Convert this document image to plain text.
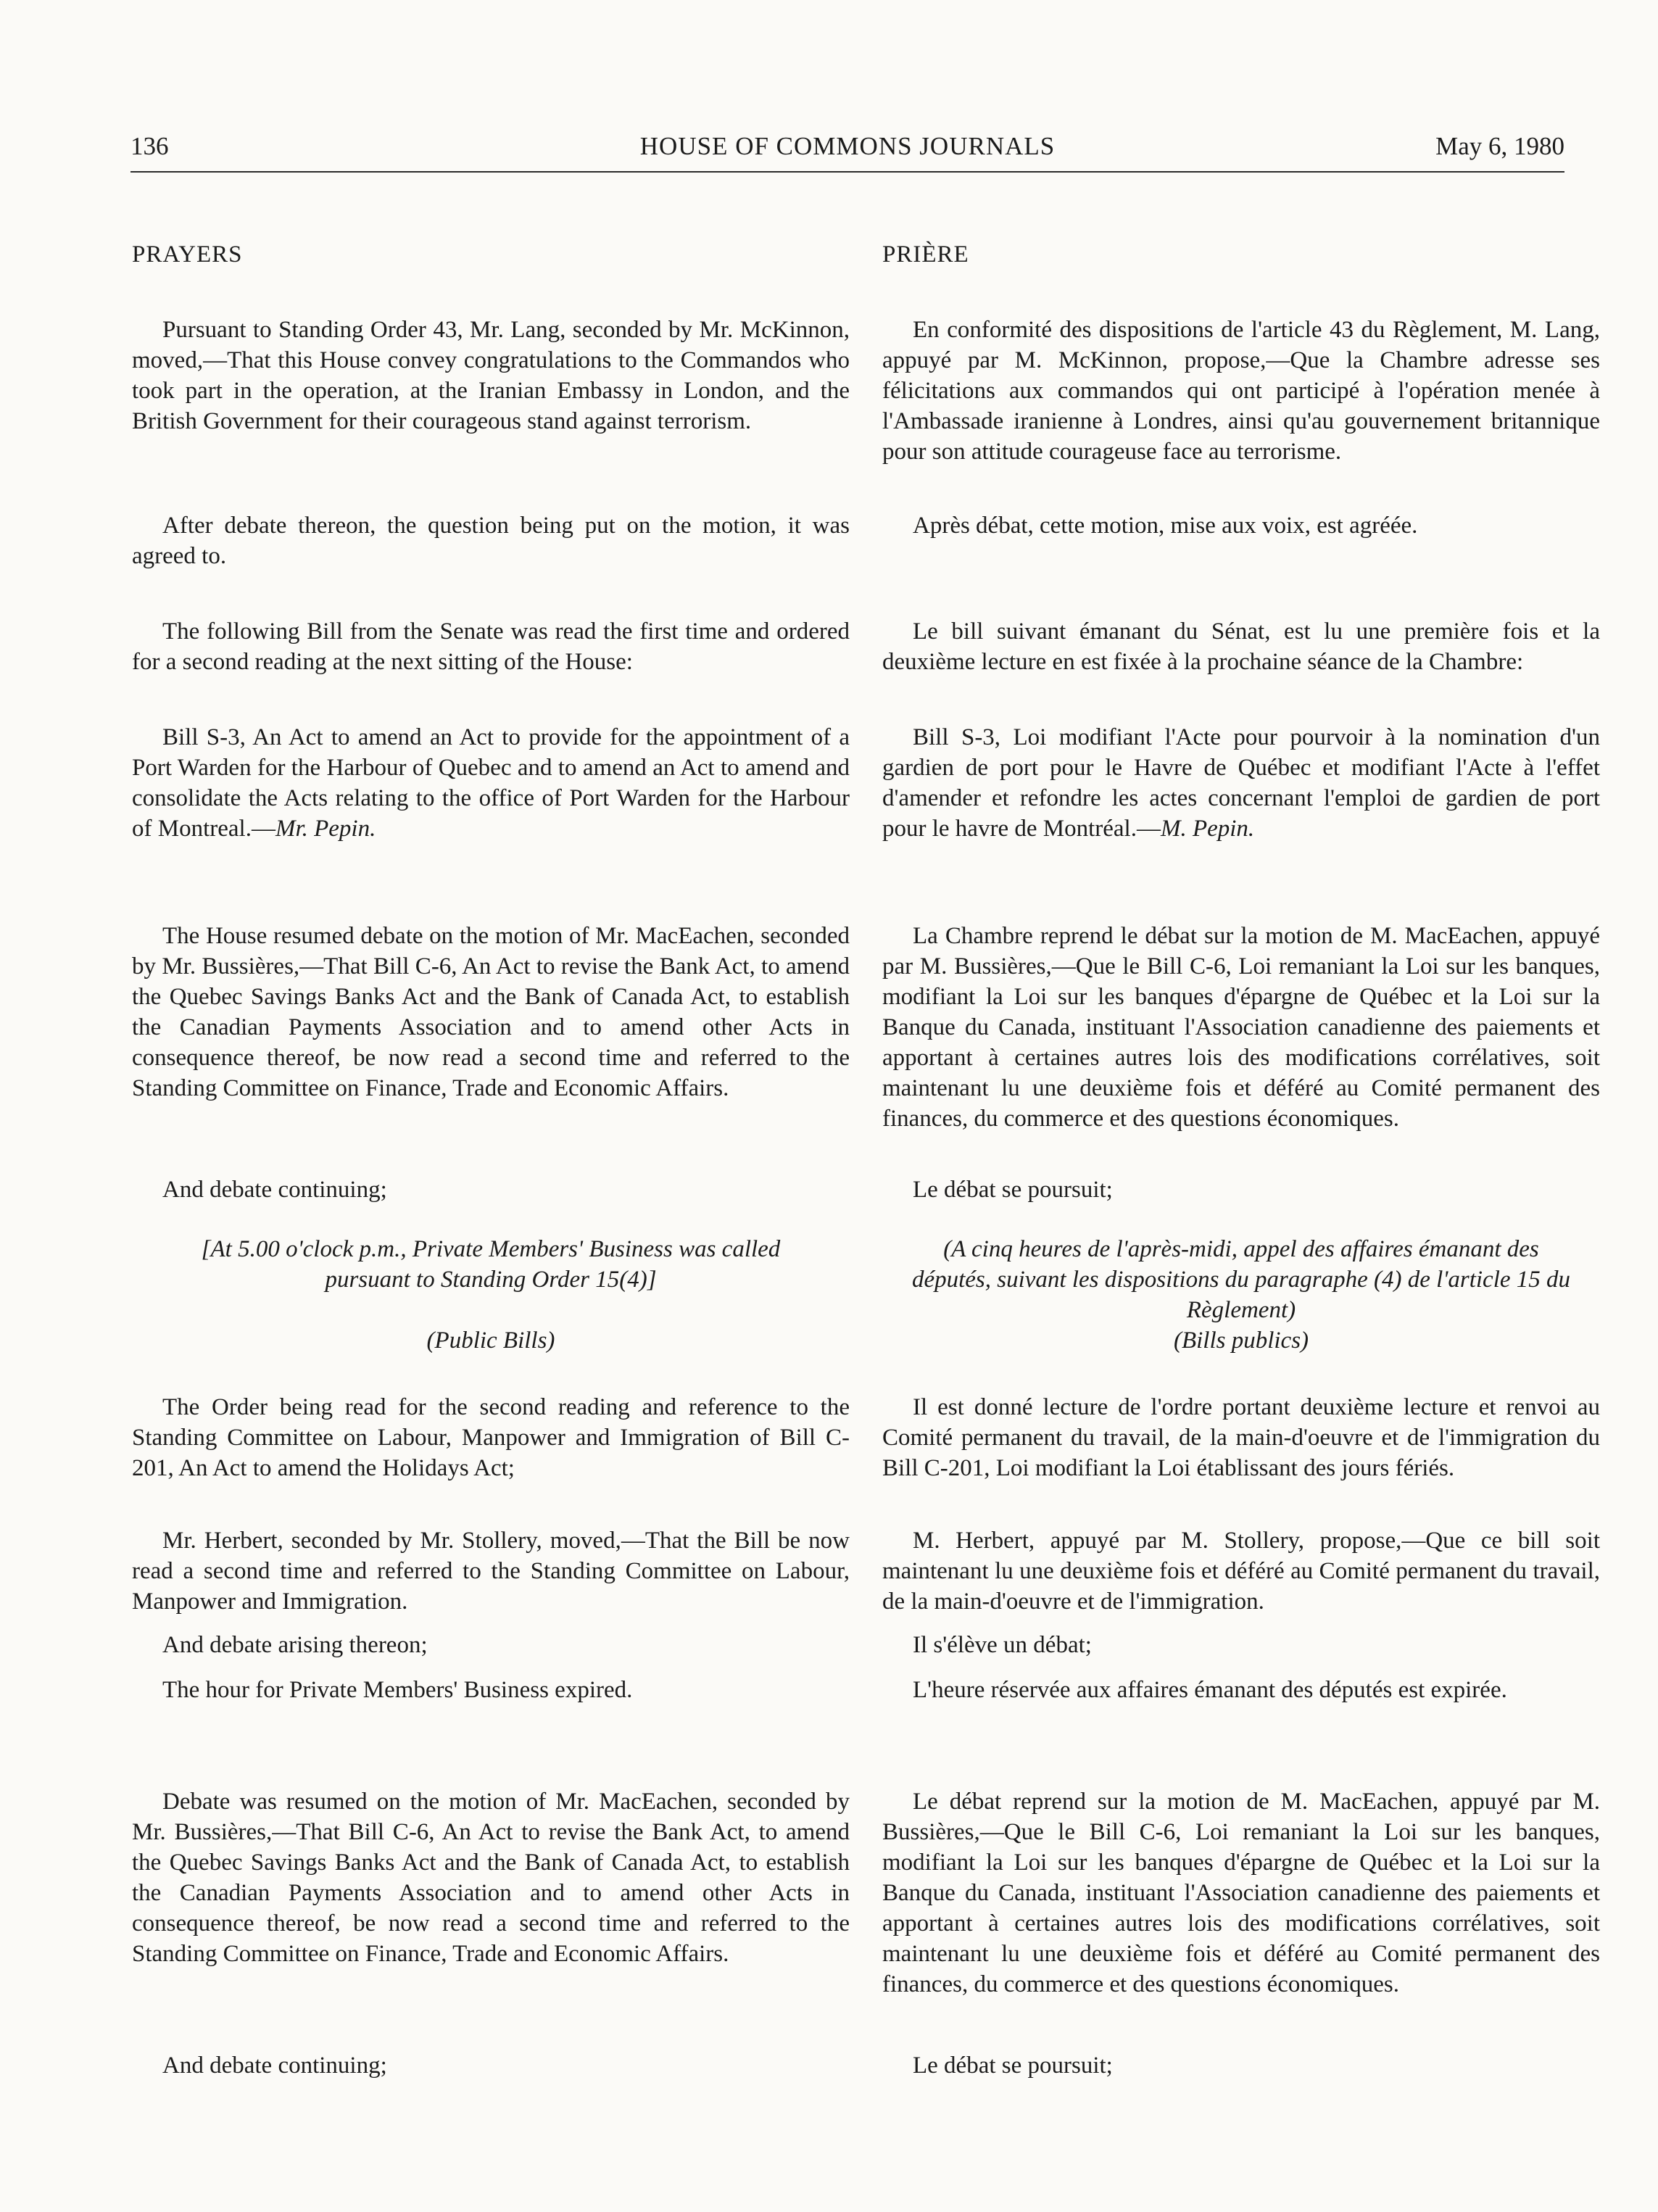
136	HOUSE OF COMMONS JOURNALS	May 6, 1980

PRAYERS

Pursuant to Standing Order 43, Mr. Lang, seconded by Mr. McKinnon, moved,—That this House convey congratulations to the Commandos who took part in the operation, at the Iranian Embassy in London, and the British Government for their courageous stand against terrorism.

After debate thereon, the question being put on the motion, it was agreed to.

The following Bill from the Senate was read the first time and ordered for a second reading at the next sitting of the House:

Bill S-3, An Act to amend an Act to provide for the appointment of a Port Warden for the Harbour of Quebec and to amend an Act to amend and consolidate the Acts relating to the office of Port Warden for the Harbour of Montreal.—Mr. Pepin.

The House resumed debate on the motion of Mr. MacEachen, seconded by Mr. Bussières,—That Bill C-6, An Act to revise the Bank Act, to amend the Quebec Savings Banks Act and the Bank of Canada Act, to establish the Canadian Payments Association and to amend other Acts in consequence thereof, be now read a second time and referred to the Standing Committee on Finance, Trade and Economic Affairs.

And debate continuing;

[At 5.00 o'clock p.m., Private Members' Business was called pursuant to Standing Order 15(4)]

(Public Bills)

The Order being read for the second reading and reference to the Standing Committee on Labour, Manpower and Immigration of Bill C-201, An Act to amend the Holidays Act;

Mr. Herbert, seconded by Mr. Stollery, moved,—That the Bill be now read a second time and referred to the Standing Committee on Labour, Manpower and Immigration.

And debate arising thereon;

The hour for Private Members' Business expired.

Debate was resumed on the motion of Mr. MacEachen, seconded by Mr. Bussières,—That Bill C-6, An Act to revise the Bank Act, to amend the Quebec Savings Banks Act and the Bank of Canada Act, to establish the Canadian Payments Association and to amend other Acts in consequence thereof, be now read a second time and referred to the Standing Committee on Finance, Trade and Economic Affairs.

And debate continuing;

PRIÈRE

En conformité des dispositions de l'article 43 du Règlement, M. Lang, appuyé par M. McKinnon, propose,—Que la Chambre adresse ses félicitations aux commandos qui ont participé à l'opération menée à l'Ambassade iranienne à Londres, ainsi qu'au gouvernement britannique pour son attitude courageuse face au terrorisme.

Après débat, cette motion, mise aux voix, est agréée.

Le bill suivant émanant du Sénat, est lu une première fois et la deuxième lecture en est fixée à la prochaine séance de la Chambre:

Bill S-3, Loi modifiant l'Acte pour pourvoir à la nomination d'un gardien de port pour le Havre de Québec et modifiant l'Acte à l'effet d'amender et refondre les actes concernant l'emploi de gardien de port pour le havre de Montréal.—M. Pepin.

La Chambre reprend le débat sur la motion de M. MacEachen, appuyé par M. Bussières,—Que le Bill C-6, Loi remaniant la Loi sur les banques, modifiant la Loi sur les banques d'épargne de Québec et la Loi sur la Banque du Canada, instituant l'Association canadienne des paiements et apportant à certaines autres lois des modifications corrélatives, soit maintenant lu une deuxième fois et déféré au Comité permanent des finances, du commerce et des questions économiques.

Le débat se poursuit;

(A cinq heures de l'après-midi, appel des affaires émanant des députés, suivant les dispositions du paragraphe (4) de l'article 15 du Règlement)

(Bills publics)

Il est donné lecture de l'ordre portant deuxième lecture et renvoi au Comité permanent du travail, de la main-d'oeuvre et de l'immigration du Bill C-201, Loi modifiant la Loi établissant des jours fériés.

M. Herbert, appuyé par M. Stollery, propose,—Que ce bill soit maintenant lu une deuxième fois et déféré au Comité permanent du travail, de la main-d'oeuvre et de l'immigration.

Il s'élève un débat;

L'heure réservée aux affaires émanant des députés est expirée.

Le débat reprend sur la motion de M. MacEachen, appuyé par M. Bussières,—Que le Bill C-6, Loi remaniant la Loi sur les banques, modifiant la Loi sur les banques d'épargne de Québec et la Loi sur la Banque du Canada, instituant l'Association canadienne des paiements et apportant à certaines autres lois des modifications corrélatives, soit maintenant lu une deuxième fois et déféré au Comité permanent des finances, du commerce et des questions économiques.

Le débat se poursuit;
